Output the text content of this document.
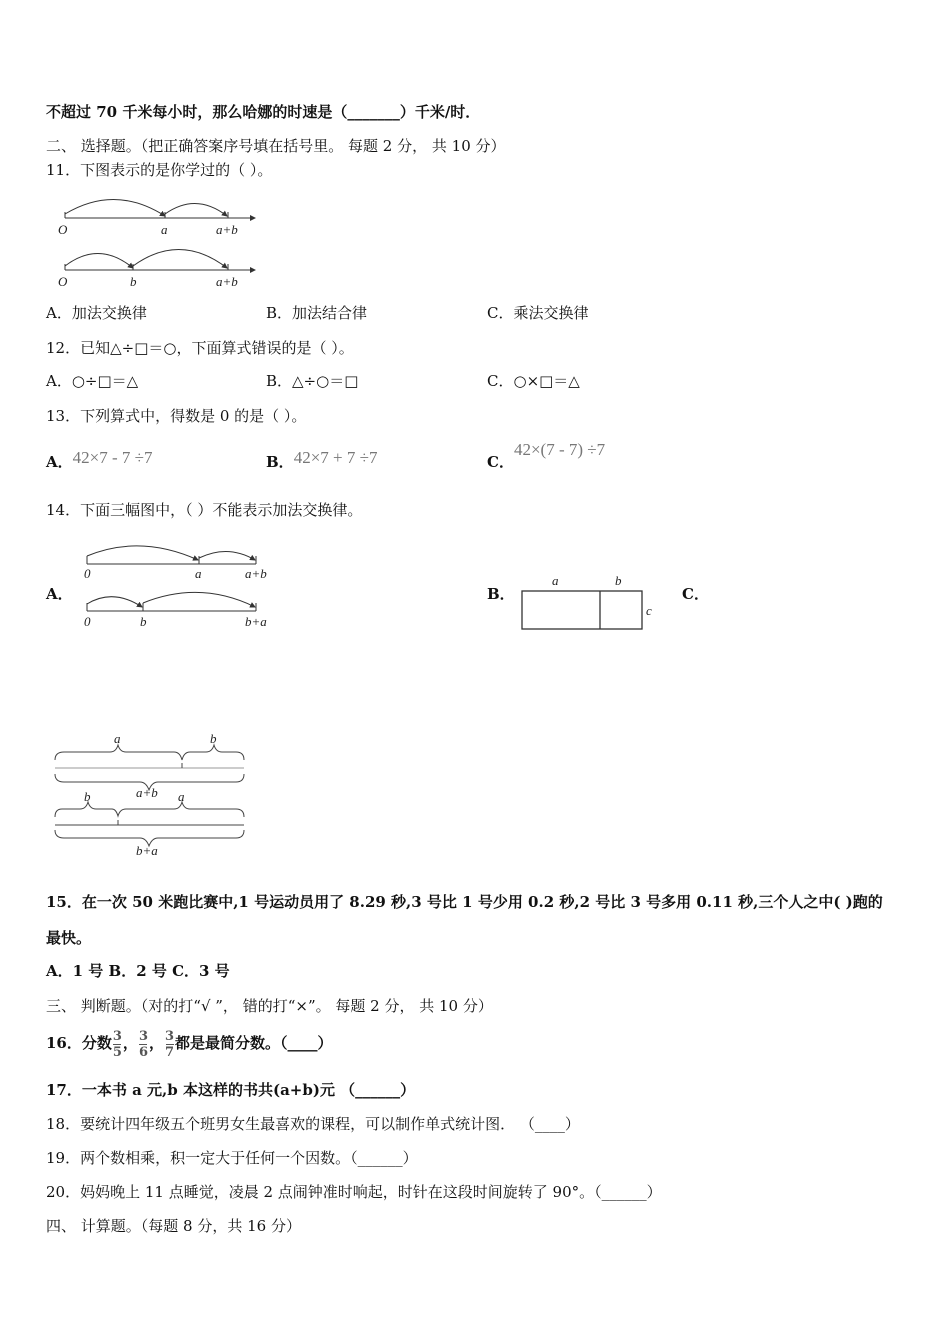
不超过 70 千米每小时，那么哈娜的时速是（_______）千米/时．
二、 选择题。（把正确答案序号填在括号里。 每题 2 分， 共 10 分）
11．下图表示的是你学过的（ ）。
O	a	a+b
O	b	a+b
A．加法交换律	B．加法结合律	C．乘法交换律
12．已知△÷□＝○，下面算式错误的是（ ）。
A．○÷□＝△	B．△÷○＝□	C．○×□＝△
13．下列算式中，得数是 0 的是（ ）。
A．42×7 - 7 ÷7	B．42×7 + 7 ÷7	C．42×(7 - 7) ÷7
14．下面三幅图中，（ ）不能表示加法交换律。
A．
0	a	a+b
0	b	b+a
B．
a	b
c
C．
a	b
a+b
b	a
b+a
15．在一次 50 米跑比赛中,1 号运动员用了 8.29 秒,3 号比 1 号少用 0.2 秒,2 号比 3 号多用 0.11 秒,三个人之中( )跑的
最快。
A．1 号 B．2 号 C．3 号
三、 判断题。（对的打“√ ”， 错的打“×”。 每题 2 分， 共 10 分）
16．分数 $\frac{3}{5}$ ， $\frac{3}{6}$ ， $\frac{3}{7}$ 都是最简分数。（____）
17．一本书 a 元,b 本这样的书共(a+b)元 （______）
18．要统计四年级五个班男女生最喜欢的课程，可以制作单式统计图． （____）
19．两个数相乘，积一定大于任何一个因数。（______）
20．妈妈晚上 11 点睡觉，凌晨 2 点闹钟准时响起，时针在这段时间旋转了 90°。（______）
四、 计算题。（每题 8 分，共 16 分）
